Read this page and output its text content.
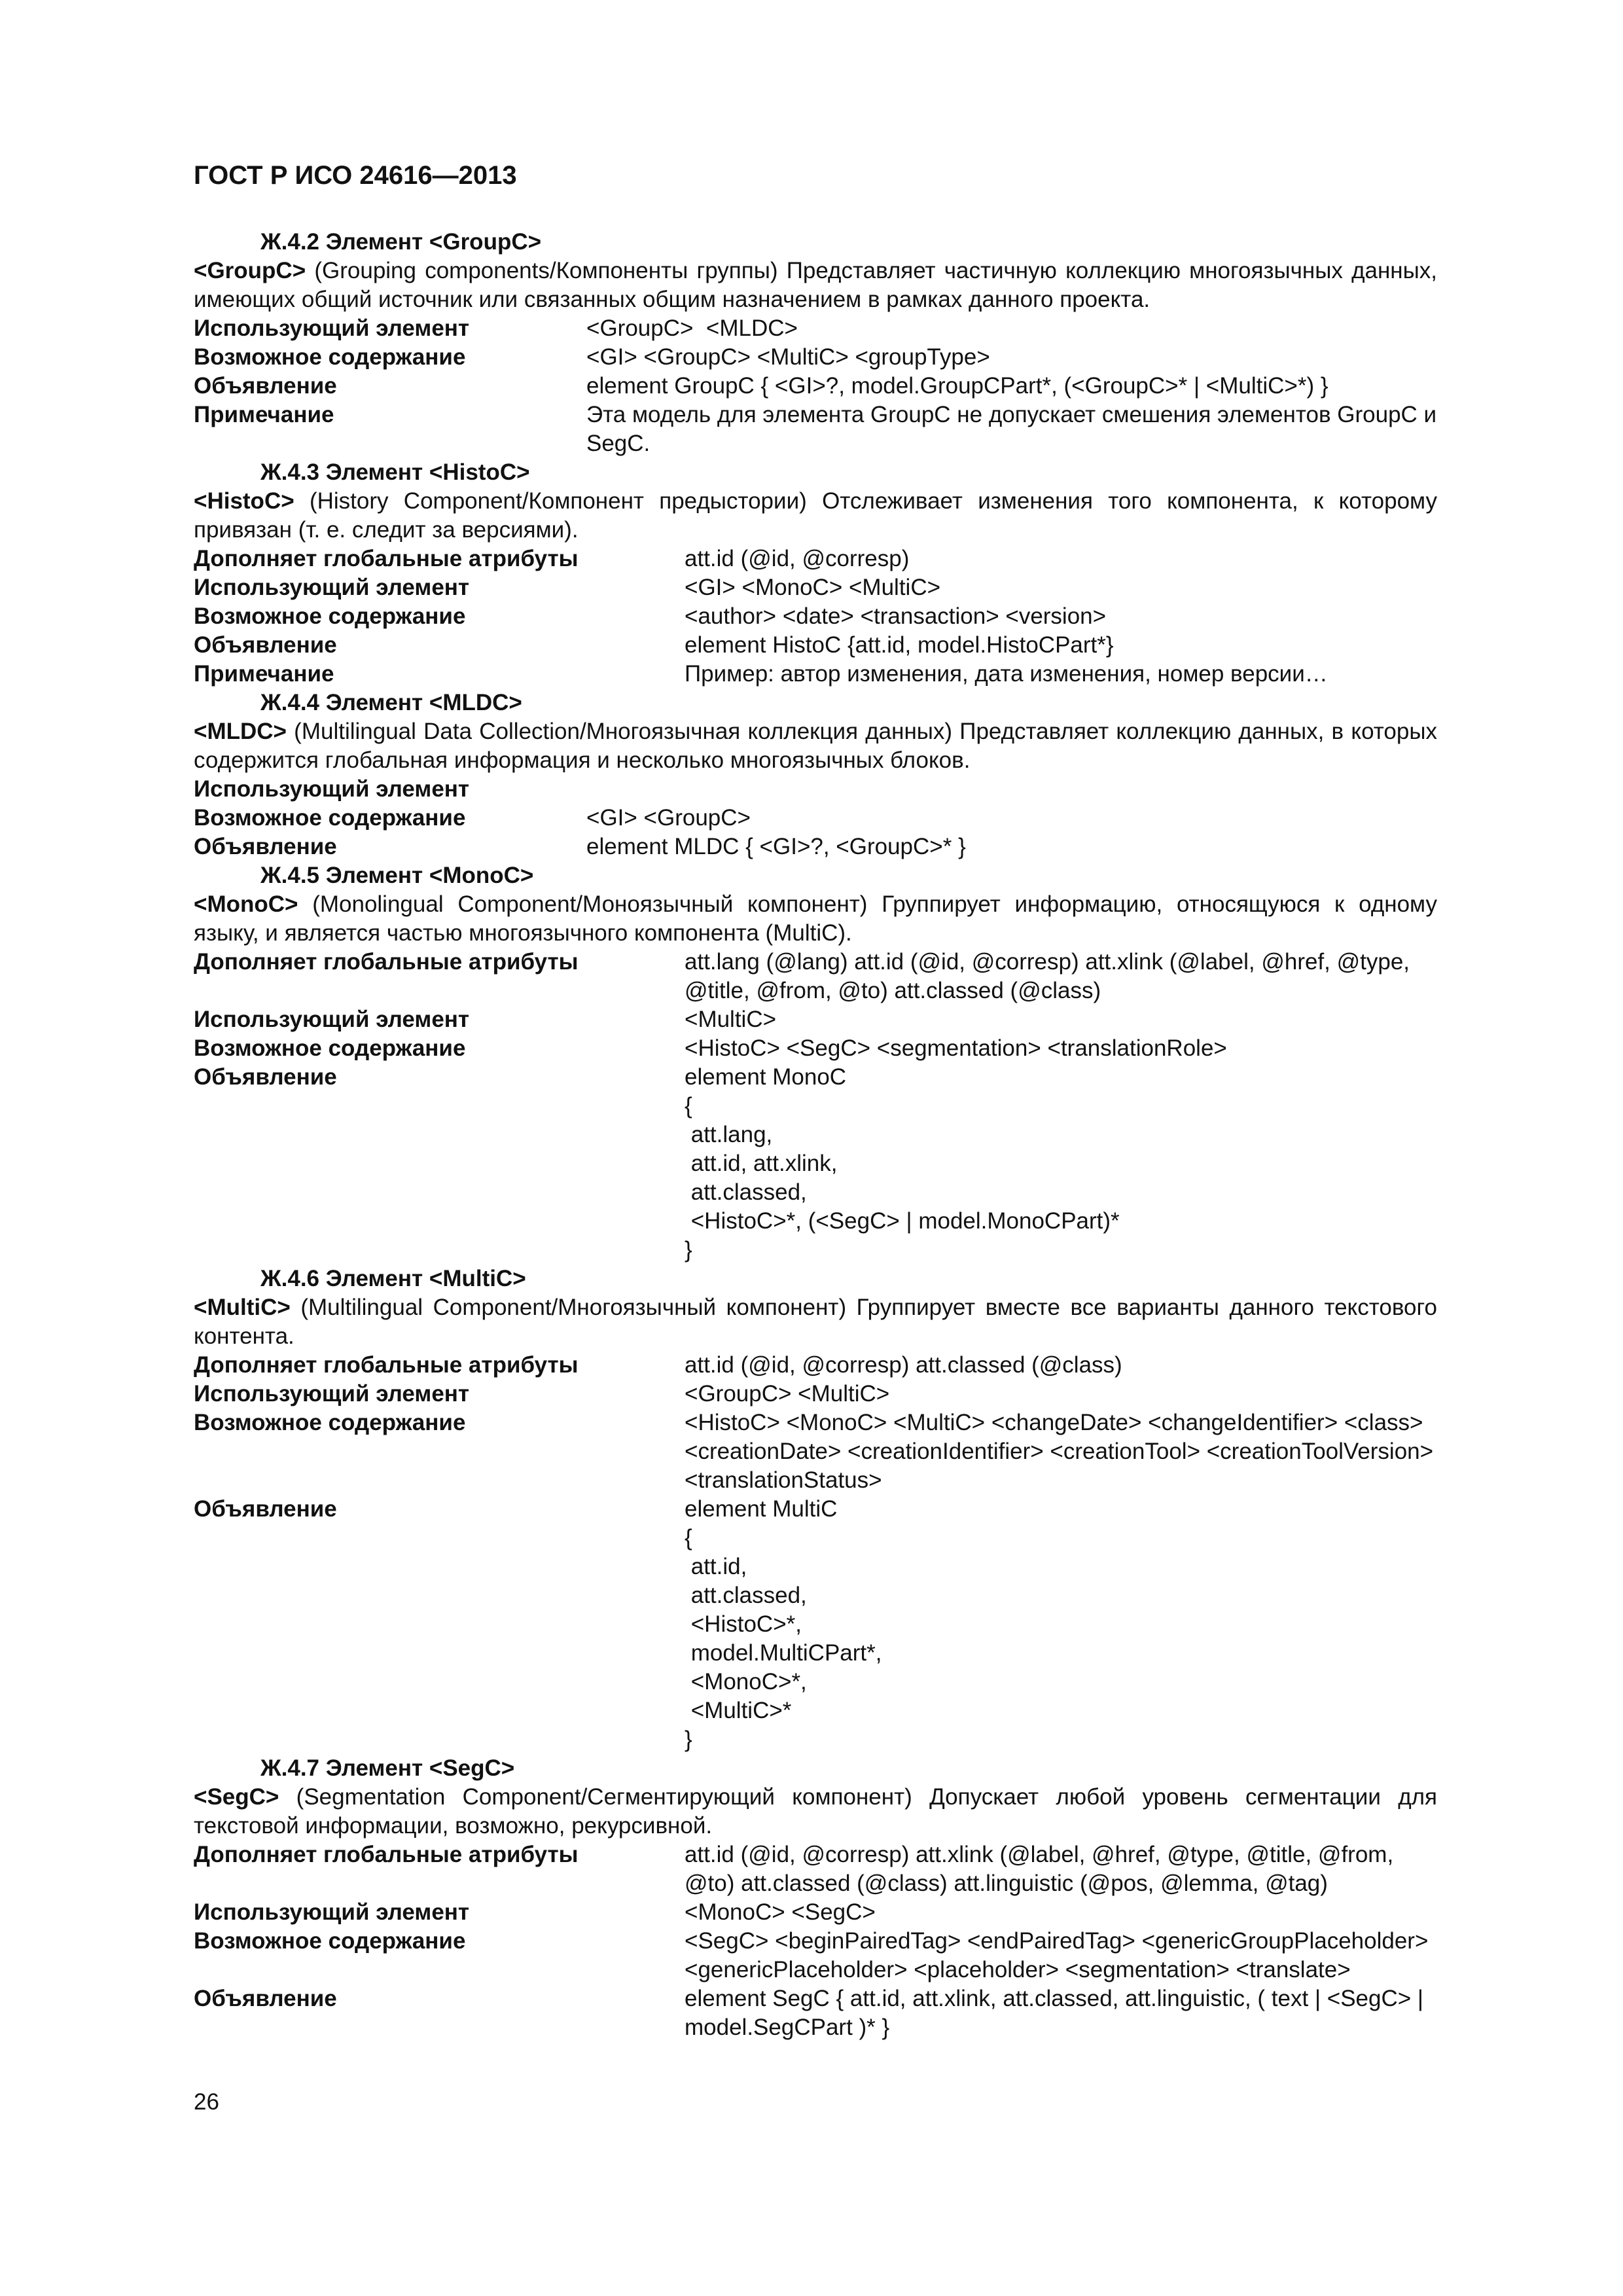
ГОСТ Р ИСО 24616—2013
Ж.4.2 Элемент <GroupC>
<GroupC> (Grouping components/Компоненты группы) Представляет частичную коллекцию многоязычных данных, имеющих общий источник или связанных общим назначением в рамках данного проекта.
Использующий элемент	<GroupC>  <MLDC>
Возможное содержание	<GI> <GroupC> <MultiC> <groupType>
Объявление	element GroupC { <GI>?, model.GroupCPart*, (<GroupC>* | <MultiC>*) }
Примечание	Эта модель для элемента GroupC не допускает смешения элементов GroupC и SegC.
Ж.4.3 Элемент <HistoC>
<HistoC> (History Component/Компонент предыстории) Отслеживает изменения того компонента, к которому привязан (т. е. следит за версиями).
Дополняет глобальные атрибуты	att.id (@id, @corresp)
Использующий элемент	<GI> <MonoC> <MultiC>
Возможное содержание	<author> <date> <transaction> <version>
Объявление	element HistoC {att.id, model.HistoCPart*}
Примечание	Пример: автор изменения, дата изменения, номер версии…
Ж.4.4 Элемент <MLDC>
<MLDC> (Multilingual Data Collection/Многоязычная коллекция данных) Представляет коллекцию данных, в которых содержится глобальная информация и несколько многоязычных блоков.
Использующий элемент
Возможное содержание	<GI> <GroupC>
Объявление	element MLDC { <GI>?, <GroupC>* }
Ж.4.5 Элемент <MonoC>
<MonoC> (Monolingual Component/Моноязычный компонент) Группирует информацию, относящуюся к одному языку, и является частью многоязычного компонента (MultiC).
Дополняет глобальные атрибуты	att.lang (@lang) att.id (@id, @corresp) att.xlink (@label, @href, @type, @title, @from, @to) att.classed (@class)
Использующий элемент	<MultiC>
Возможное содержание	<HistoC> <SegC> <segmentation> <translationRole>
Объявление	element MonoC
{
att.lang,
att.id, att.xlink,
att.classed,
<HistoC>*, (<SegC> | model.MonoCPart)*
}
Ж.4.6 Элемент <MultiC>
<MultiC> (Multilingual Component/Многоязычный компонент) Группирует вместе все варианты данного текстового контента.
Дополняет глобальные атрибуты	att.id (@id, @corresp) att.classed (@class)
Использующий элемент	<GroupC> <MultiC>
Возможное содержание	<HistoC> <MonoC> <MultiC> <changeDate> <changeIdentifier> <class> <creationDate> <creationIdentifier> <creationTool> <creationToolVersion> <translationStatus>
Объявление	element MultiC
{
att.id,
att.classed,
<HistoC>*,
model.MultiCPart*,
<MonoC>*,
<MultiC>*
}
Ж.4.7 Элемент <SegC>
<SegC> (Segmentation Component/Сегментирующий компонент) Допускает любой уровень сегментации для текстовой информации, возможно, рекурсивной.
Дополняет глобальные атрибуты	att.id (@id, @corresp) att.xlink (@label, @href, @type, @title, @from, @to) att.classed (@class) att.linguistic (@pos, @lemma, @tag)
Использующий элемент	<MonoC> <SegC>
Возможное содержание	<SegC> <beginPairedTag> <endPairedTag> <genericGroupPlaceholder> <genericPlaceholder> <placeholder> <segmentation> <translate>
Объявление	element SegC { att.id, att.xlink, att.classed, att.linguistic, ( text | <SegC> | model.SegCPart )* }
26
